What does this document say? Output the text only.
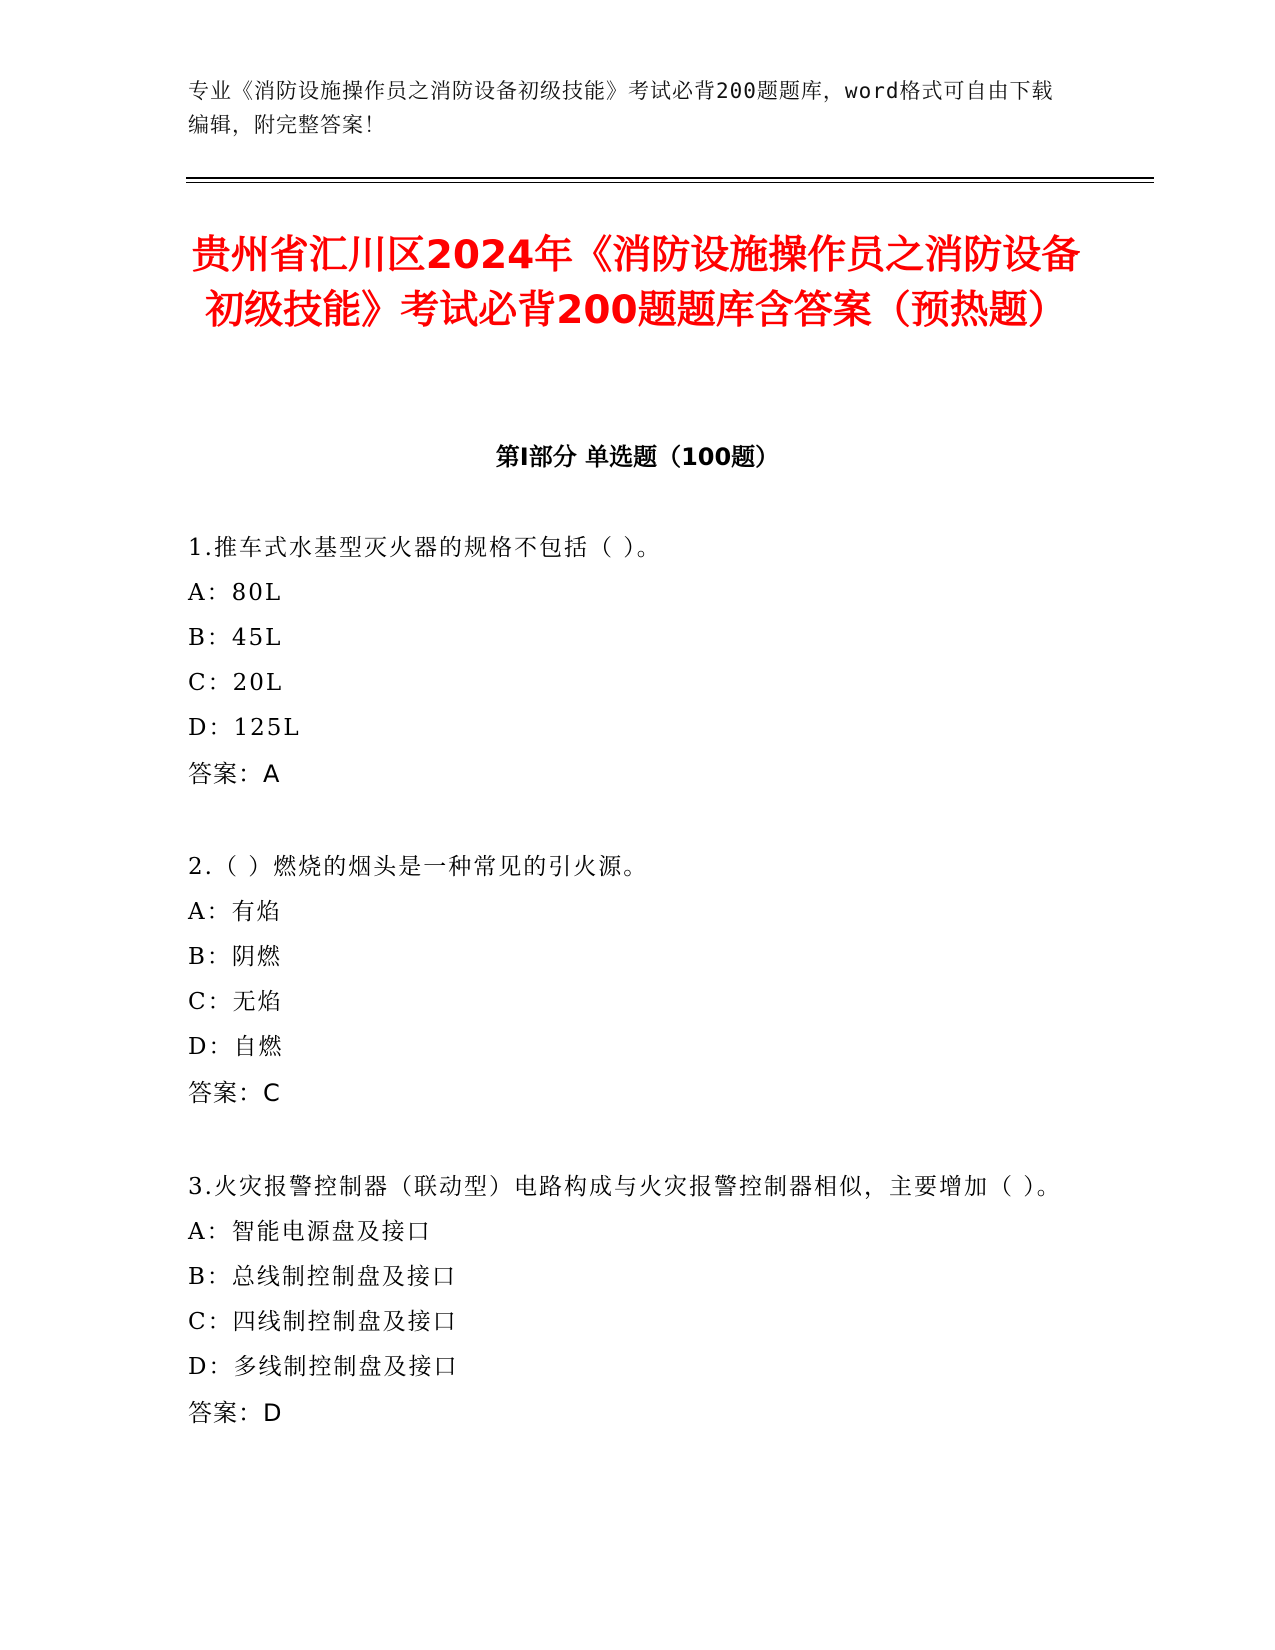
专业《消防设施操作员之消防设备初级技能》考试必背200题题库，word格式可自由下载编辑，附完整答案！
贵州省汇川区2024年《消防设施操作员之消防设备初级技能》考试必背200题题库含答案（预热题）
第I部分 单选题（100题）
1.推车式水基型灭火器的规格不包括（ ）。
A：80L
B：45L
C：20L
D：125L
答案：A
2.（ ）燃烧的烟头是一种常见的引火源。
A：有焰
B：阴燃
C：无焰
D：自燃
答案：C
3.火灾报警控制器（联动型）电路构成与火灾报警控制器相似，主要增加（ ）。
A：智能电源盘及接口
B：总线制控制盘及接口
C：四线制控制盘及接口
D：多线制控制盘及接口
答案：D
